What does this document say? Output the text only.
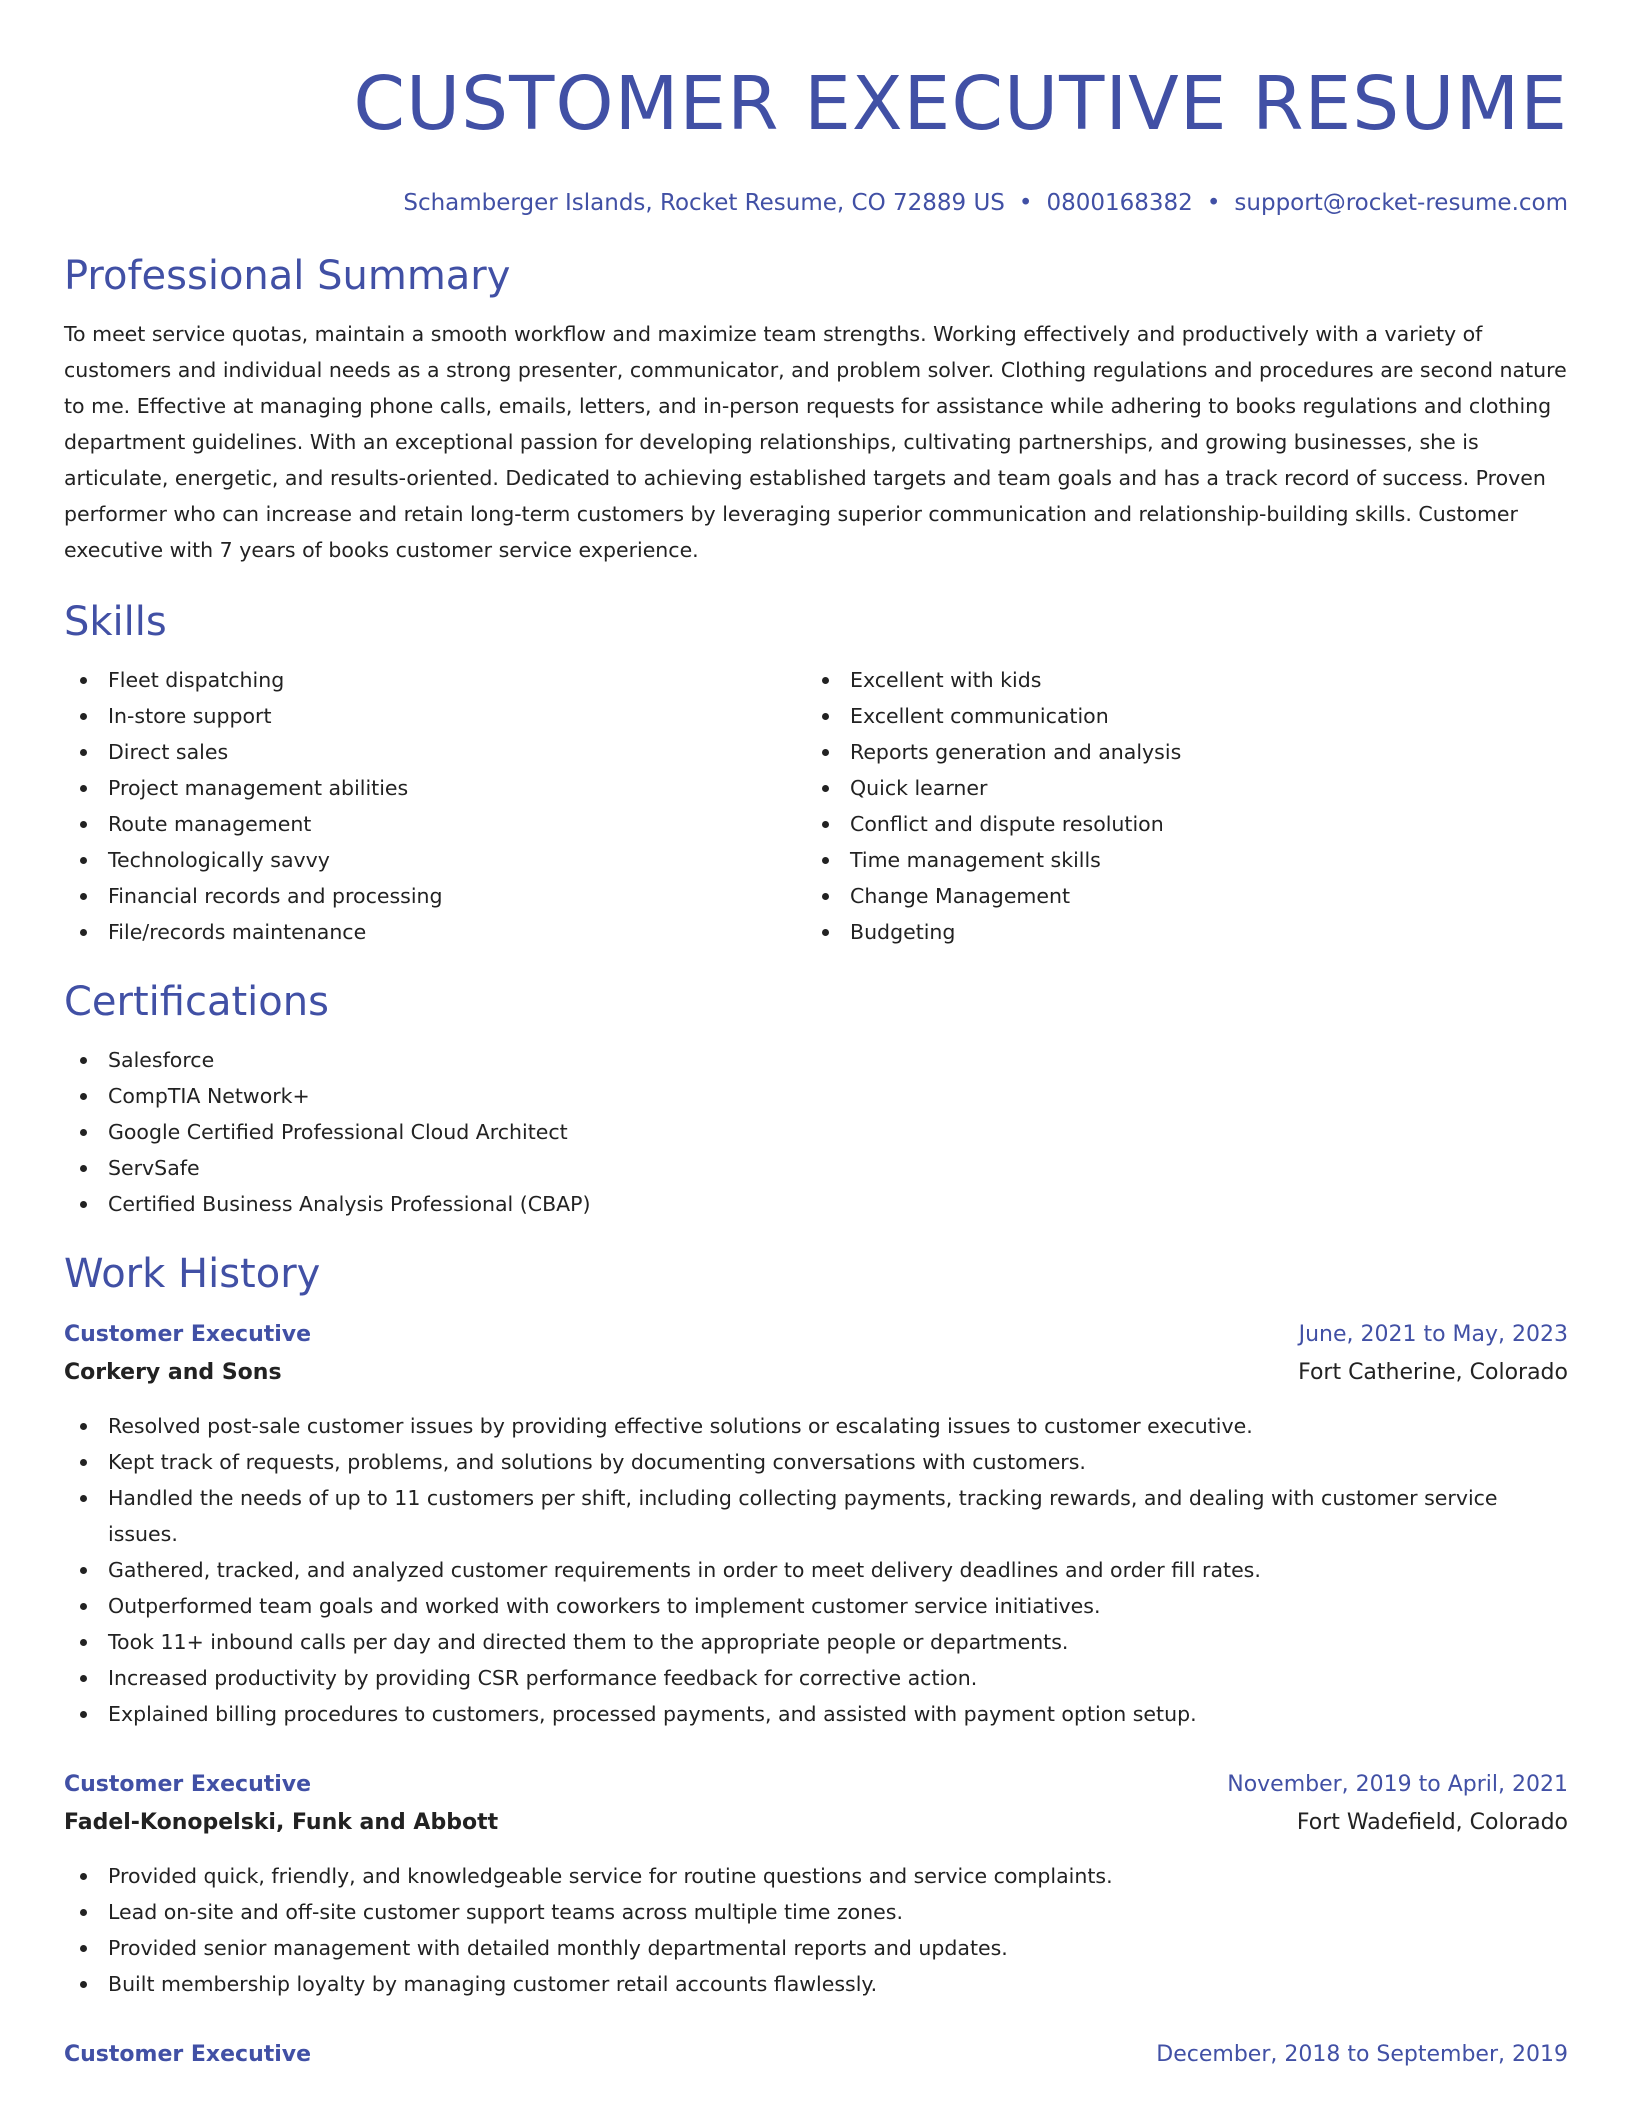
CUSTOMER EXECUTIVE RESUME
Schamberger Islands, Rocket Resume, CO 72889 US • 0800168382 • support@rocket-resume.com
Professional Summary

To meet service quotas, maintain a smooth workflow and maximize team strengths. Working effectively and productively with a variety of customers and individual needs as a strong presenter, communicator, and problem solver. Clothing regulations and procedures are second nature to me. Effective at managing phone calls, emails, letters, and in-person requests for assistance while adhering to books regulations and clothing department guidelines. With an exceptional passion for developing relationships, cultivating partnerships, and growing businesses, she is articulate, energetic, and results-oriented. Dedicated to achieving established targets and team goals and has a track record of success. Proven performer who can increase and retain long-term customers by leveraging superior communication and relationship-building skills. Customer executive with 7 years of books customer service experience.

Skills
Fleet dispatching
In-store support
Direct sales
Project management abilities
Route management
Technologically savvy
Financial records and processing
File/records maintenance
Excellent with kids
Excellent communication
Reports generation and analysis
Quick learner
Conflict and dispute resolution
Time management skills
Change Management
Budgeting
Certifications
Salesforce
CompTIA Network+
Google Certified Professional Cloud Architect
ServSafe
Certified Business Analysis Professional (CBAP)
Work History
Customer Executive	June, 2021 to May, 2023
Corkery and Sons	Fort Catherine, Colorado
Resolved post-sale customer issues by providing effective solutions or escalating issues to customer executive.
Kept track of requests, problems, and solutions by documenting conversations with customers.
Handled the needs of up to 11 customers per shift, including collecting payments, tracking rewards, and dealing with customer service issues.
Gathered, tracked, and analyzed customer requirements in order to meet delivery deadlines and order fill rates.
Outperformed team goals and worked with coworkers to implement customer service initiatives.
Took 11+ inbound calls per day and directed them to the appropriate people or departments.
Increased productivity by providing CSR performance feedback for corrective action.
Explained billing procedures to customers, processed payments, and assisted with payment option setup.
Customer Executive	November, 2019 to April, 2021
Fadel-Konopelski, Funk and Abbott	Fort Wadefield, Colorado
Provided quick, friendly, and knowledgeable service for routine questions and service complaints.
Lead on-site and off-site customer support teams across multiple time zones.
Provided senior management with detailed monthly departmental reports and updates.
Built membership loyalty by managing customer retail accounts flawlessly.
Customer Executive	December, 2018 to September, 2019
